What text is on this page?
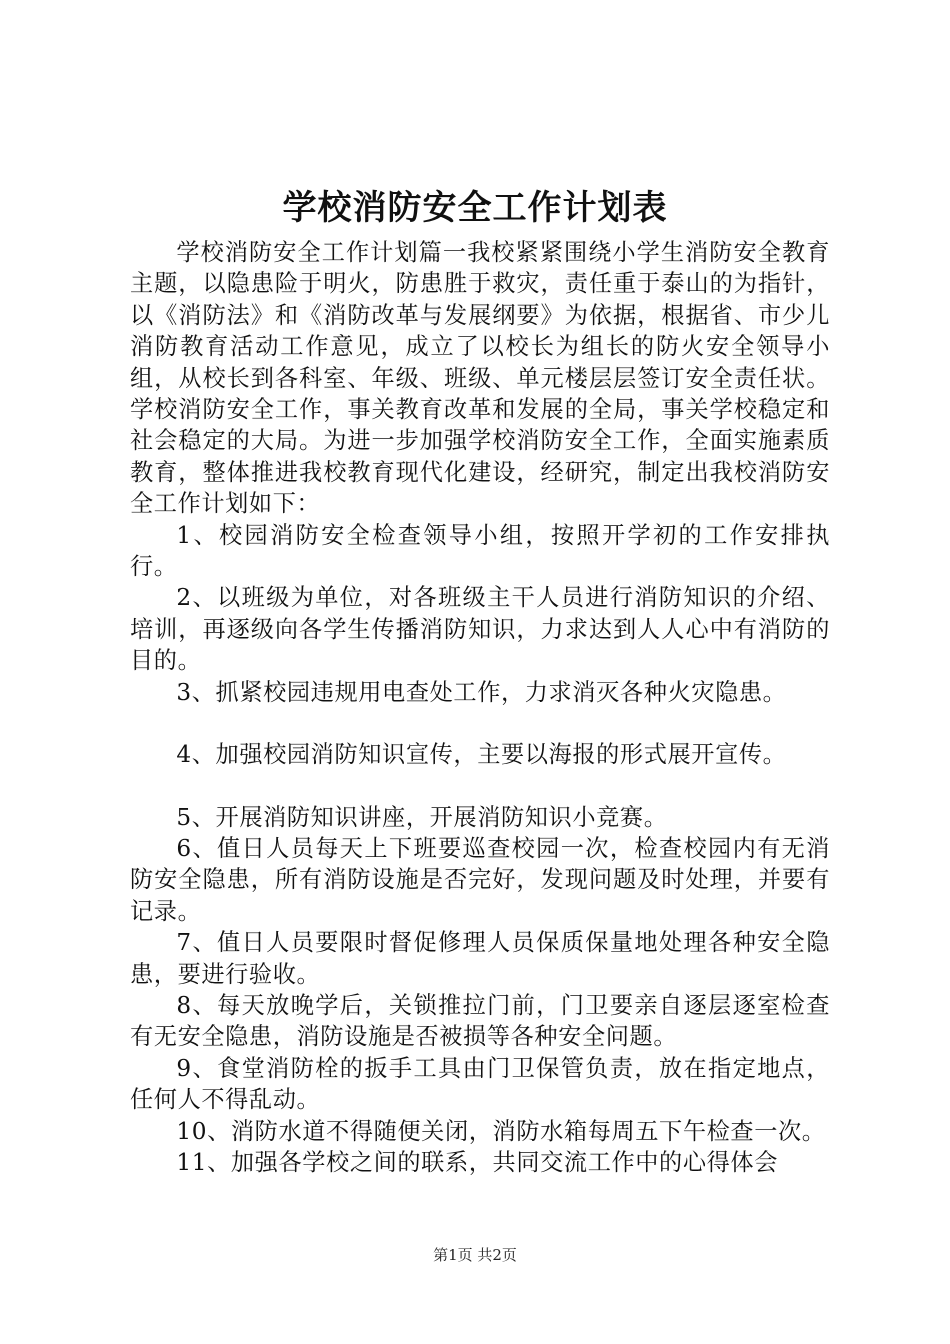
学校消防安全工作计划表

学校消防安全工作计划篇一我校紧紧围绕小学生消防安全教育主题，以隐患险于明火，防患胜于救灾，责任重于泰山的为指针，以《消防法》和《消防改革与发展纲要》为依据，根据省、市少儿消防教育活动工作意见，成立了以校长为组长的防火安全领导小组，从校长到各科室、年级、班级、单元楼层层签订安全责任状。学校消防安全工作，事关教育改革和发展的全局，事关学校稳定和社会稳定的大局。为进一步加强学校消防安全工作，全面实施素质教育，整体推进我校教育现代化建设，经研究，制定出我校消防安全工作计划如下：

1、校园消防安全检查领导小组，按照开学初的工作安排执行。

2、以班级为单位，对各班级主干人员进行消防知识的介绍、培训，再逐级向各学生传播消防知识，力求达到人人心中有消防的目的。

3、抓紧校园违规用电查处工作，力求消灭各种火灾隐患。

4、加强校园消防知识宣传，主要以海报的形式展开宣传。

5、开展消防知识讲座，开展消防知识小竞赛。

6、值日人员每天上下班要巡查校园一次，检查校园内有无消防安全隐患，所有消防设施是否完好，发现问题及时处理，并要有记录。

7、值日人员要限时督促修理人员保质保量地处理各种安全隐患，要进行验收。

8、每天放晚学后，关锁推拉门前，门卫要亲自逐层逐室检查有无安全隐患，消防设施是否被损等各种安全问题。

9、食堂消防栓的扳手工具由门卫保管负责，放在指定地点，任何人不得乱动。

10、消防水道不得随便关闭，消防水箱每周五下午检查一次。

11、加强各学校之间的联系，共同交流工作中的心得体会

第1页 共2页
